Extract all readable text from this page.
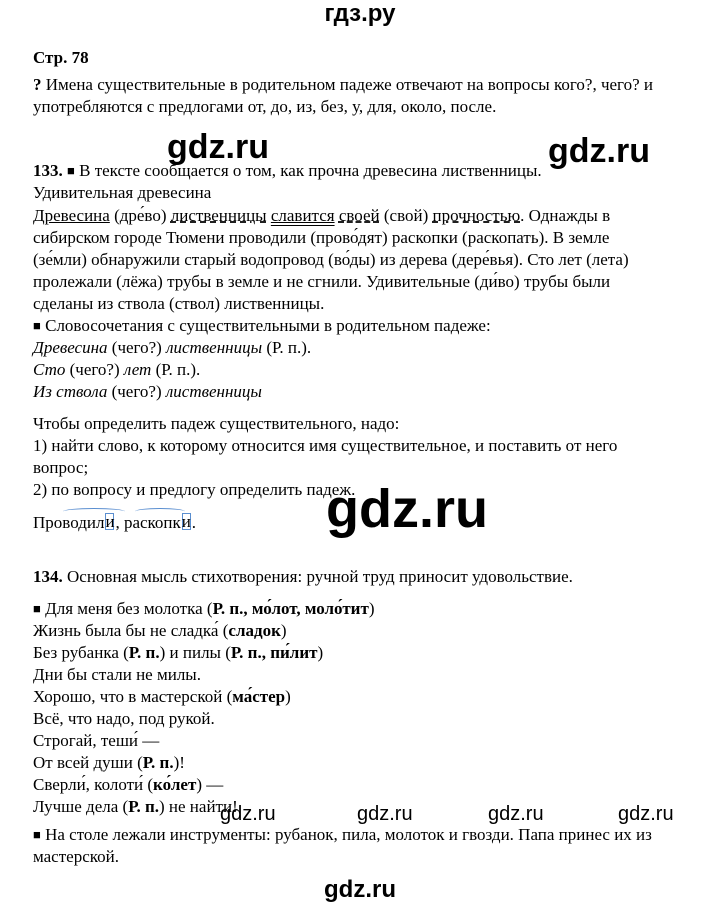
гдз.ру
gdz.ru	gdz.ru
gdz.ru
gdz.ru	gdz.ru	gdz.ru	gdz.ru
gdz.ru
Стр. 78
? Имена существительные в родительном падеже отвечают на вопросы кого?, чего? и
употребляются с предлогами от, до, из, без, у, для, около, после.
133. ■ В тексте сообщается о том, как прочна древесина лиственницы.
Удивительная древесина
Древесина (дре́во) лиственницы славится своей (свой) прочностью. Однажды в
сибирском городе Тюмени проводили (прово́дят) раскопки (раскопать). В земле
(зе́мли) обнаружили старый водопровод (во́ды) из дерева (дере́вья). Сто лет (лета)
пролежали (лёжа) трубы в земле и не сгнили. Удивительные (ди́во) трубы были
сделаны из ствола (ствол) лиственницы.
■ Словосочетания с существительными в родительном падеже:
Древесина (чего?) лиственницы (Р. п.).
Сто (чего?) лет (Р. п.).
Из ствола (чего?) лиственницы
Чтобы определить падеж существительного, надо:
1) найти слово, к которому относится имя существительное, и поставить от него
вопрос;
2) по вопросу и предлогу определить падеж.
Проводили, раскопки.
134. Основная мысль стихотворения: ручной труд приносит удовольствие.
■ Для меня без молотка (Р. п., мо́лот, моло́тит)
Жизнь была бы не сладка́ (сладок)
Без рубанка (Р. п.) и пилы (Р. п., пи́лит)
Дни бы стали не милы.
Хорошо, что в мастерской (ма́стер)
Всё, что надо, под рукой.
Строгай, теши́ —
От всей души (Р. п.)!
Сверли́, колоти́ (ко́лет) —
Лучше дела (Р. п.) не найти!
■ На столе лежали инструменты: рубанок, пила, молоток и гвозди. Папа принес их из
мастерской.
